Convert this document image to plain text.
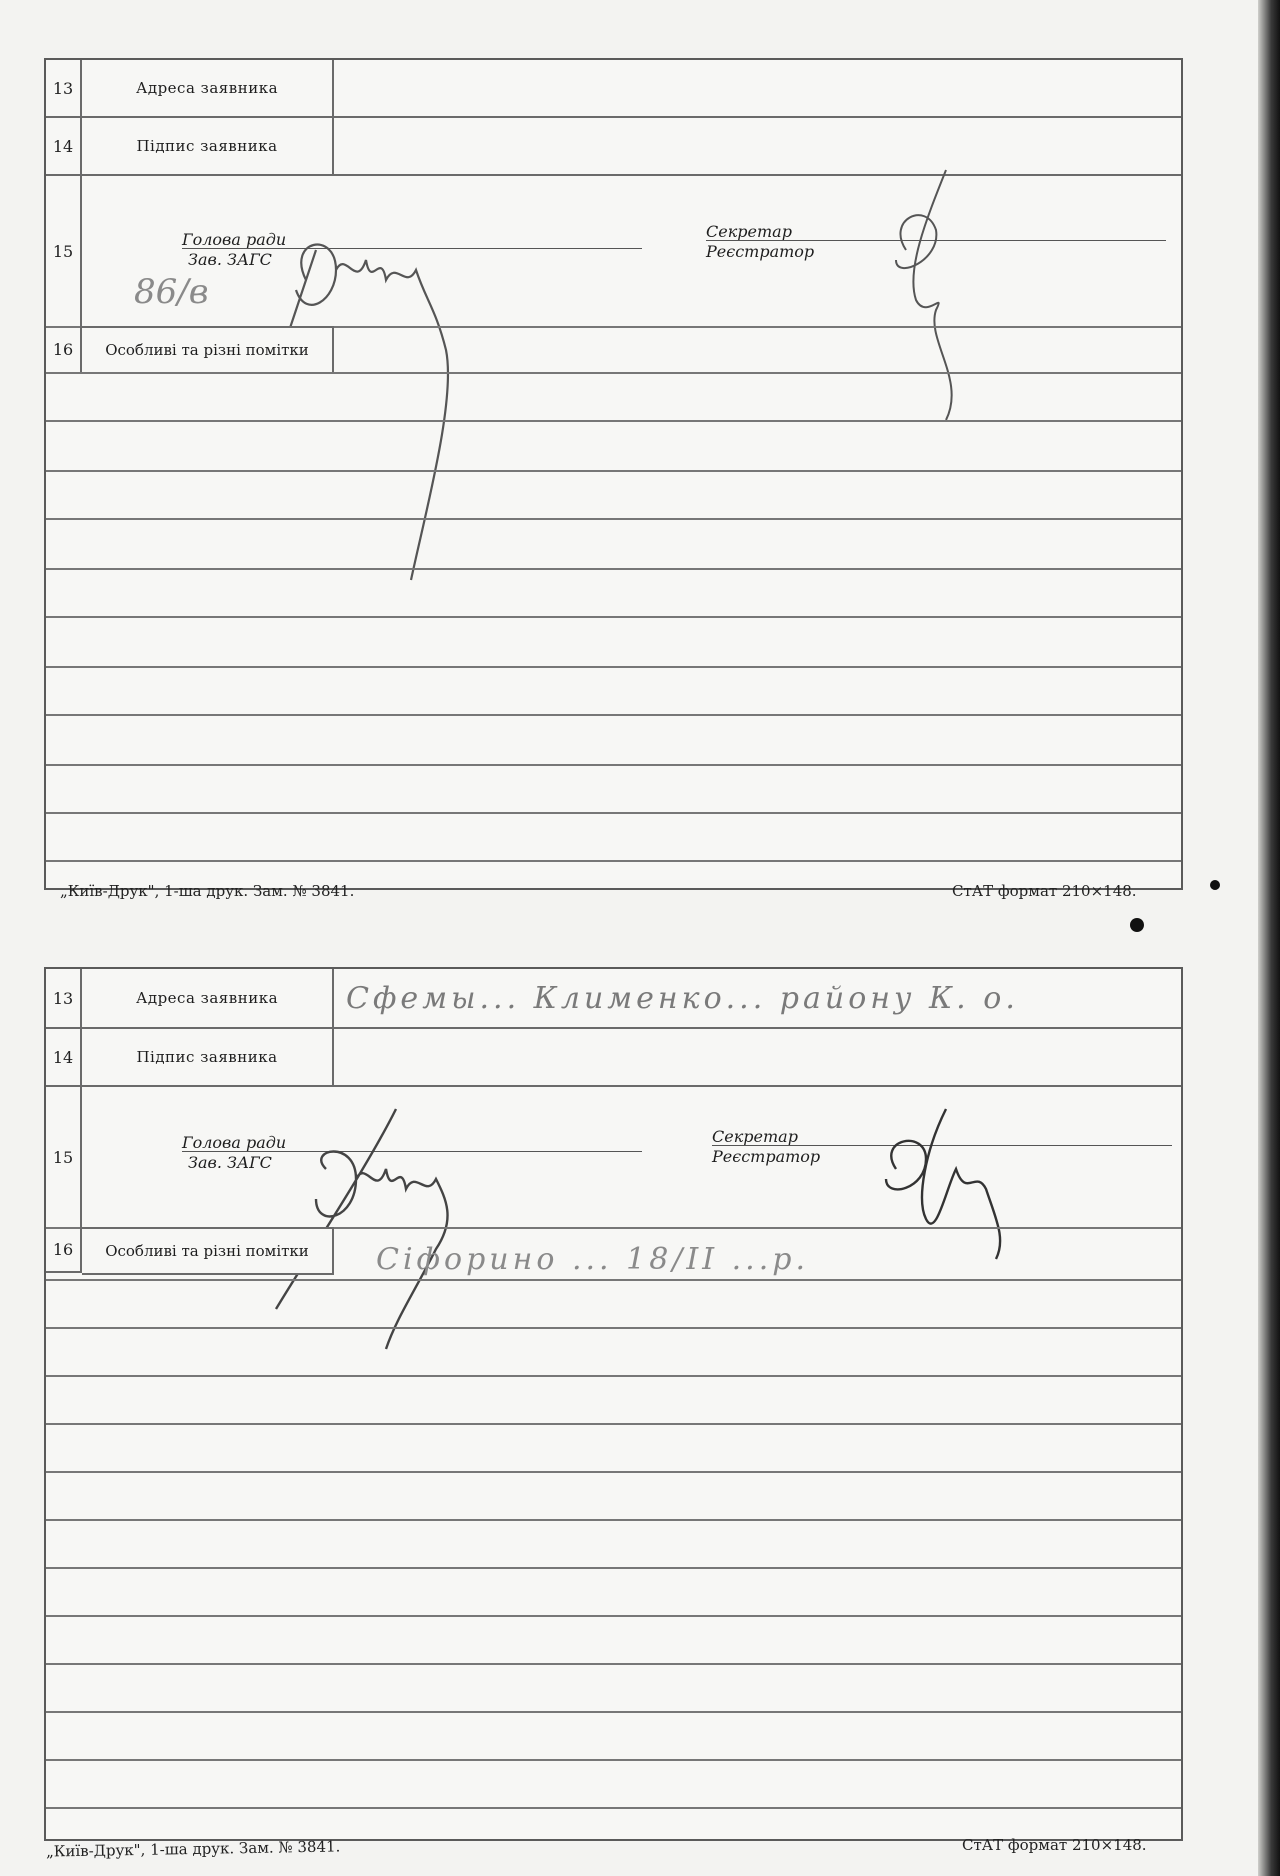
13	Адреса заявника
14	Підпис заявника
15
Голова ради
Зав. ЗАГС
Секретар
Реєстратор
86/в
16	Особливі та різні помітки
„Київ-Друк", 1-ша друк. Зам. № 3841.	СтАТ формат 210×148.
13	Адреса заявника	Сфемы... Клименко... району К. о.
14	Підпис заявника
15
Голова ради
Зав. ЗАГС
Секретар
Реєстратор
16	Особливі та різні помітки	Сіфорино ... 18/II ...р.
„Київ-Друк", 1-ша друк. Зам. № 3841.	СтАТ формат 210×148.
